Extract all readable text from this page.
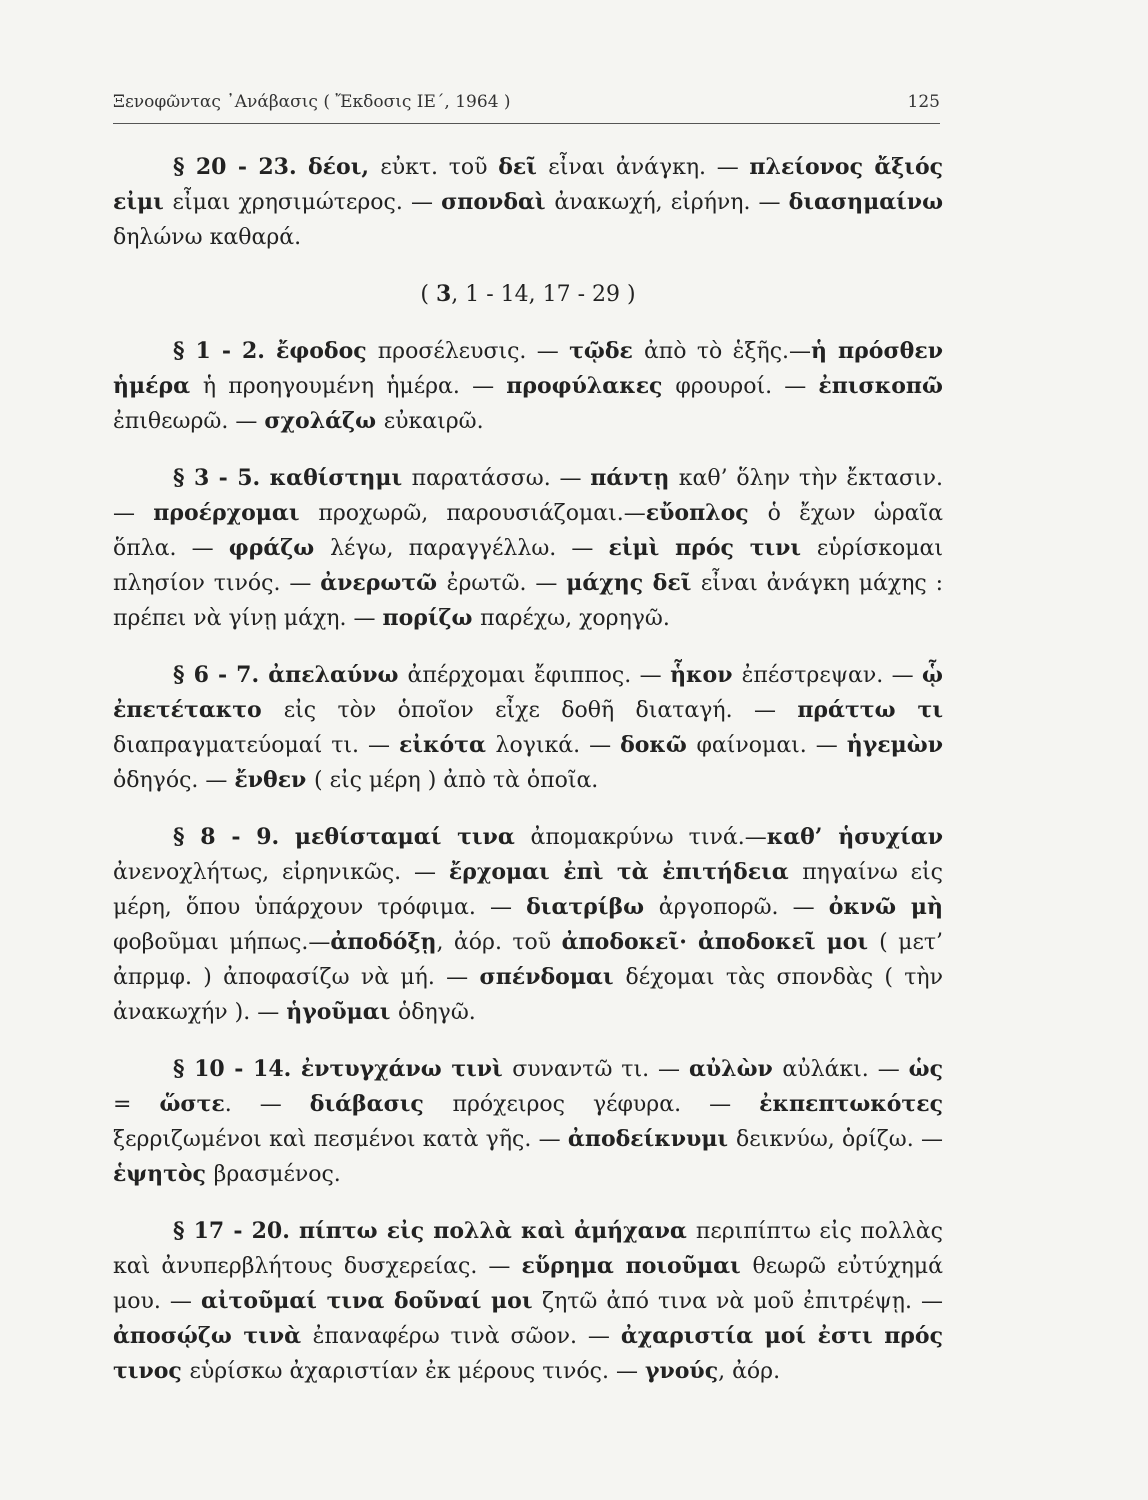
Ξενοφῶντας ᾿Ανάβασις ( Ἔκδοσις ΙΕ΄, 1964 )	125

§ 20 - 23. δέοι, εὐκτ. τοῦ δεῖ εἶναι ἀνάγκη. — πλείονος ἄξιός εἰμι εἶμαι χρησιμώτερος. — σπονδαὶ ἀνακωχή, εἰρήνη. — διασημαίνω δηλώνω καθαρά.

( 3, 1 - 14, 17 - 29 )

§ 1 - 2. ἔφοδος προσέλευσις. — τῷδε ἀπὸ τὸ ἑξῆς.—ἡ πρόσθεν ἡμέρα ἡ προηγουμένη ἡμέρα. — προφύλακες φρουροί. — ἐπισκοπῶ ἐπιθεωρῶ. — σχολάζω εὐκαιρῶ.

§ 3 - 5. καθίστημι παρατάσσω. — πάντῃ καθ’ ὅλην τὴν ἔκτασιν.— προέρχομαι προχωρῶ, παρουσιάζομαι.—εὔοπλος ὁ ἔχων ὡραῖα ὅπλα. — φράζω λέγω, παραγγέλλω. — εἰμὶ πρός τινι εὑρίσκομαι πλησίον τινός. — ἀνερωτῶ ἐρωτῶ. — μάχης δεῖ εἶναι ἀνάγκη μάχης : πρέπει νὰ γίνῃ μάχη. — πορίζω παρέχω, χορηγῶ.

§ 6 - 7. ἀπελαύνω ἀπέρχομαι ἔφιππος. — ἧκον ἐπέστρεψαν. — ᾧ ἐπετέτακτο εἰς τὸν ὁποῖον εἶχε δοθῆ διαταγή. — πράττω τι διαπραγματεύομαί τι. — εἰκότα λογικά. — δοκῶ φαίνομαι. — ἡγεμὼν ὁδηγός. — ἔνθεν ( εἰς μέρη ) ἀπὸ τὰ ὁποῖα.

§ 8 - 9. μεθίσταμαί τινα ἀπομακρύνω τινά.—καθ’ ἡσυχίαν ἀνενοχλήτως, εἰρηνικῶς. — ἔρχομαι ἐπὶ τὰ ἐπιτήδεια πηγαίνω εἰς μέρη, ὅπου ὑπάρχουν τρόφιμα. — διατρίβω ἀργοπορῶ. — ὀκνῶ μὴ φοβοῦμαι μήπως.—ἀποδόξῃ, ἀόρ. τοῦ ἀποδοκεῖ· ἀποδοκεῖ μοι ( μετ’ ἀπρμφ. ) ἀποφασίζω νὰ μή. — σπένδομαι δέχομαι τὰς σπονδὰς ( τὴν ἀνακωχήν ). — ἡγοῦμαι ὁδηγῶ.

§ 10 - 14. ἐντυγχάνω τινὶ συναντῶ τι. — αὐλὼν αὐλάκι. — ὡς = ὥστε. — διάβασις πρόχειρος γέφυρα. — ἐκπεπτωκότες ξερριζωμένοι καὶ πεσμένοι κατὰ γῆς. — ἀποδείκνυμι δεικνύω, ὁρίζω. — ἑψητὸς βρασμένος.

§ 17 - 20. πίπτω εἰς πολλὰ καὶ ἀμήχανα περιπίπτω εἰς πολλὰς καὶ ἀνυπερβλήτους δυσχερείας. — εὕρημα ποιοῦμαι θεωρῶ εὐτύχημά μου. — αἰτοῦμαί τινα δοῦναί μοι ζητῶ ἀπό τινα νὰ μοῦ ἐπιτρέψῃ. — ἀποσῴζω τινὰ ἐπαναφέρω τινὰ σῶον. — ἀχαριστία μοί ἐστι πρός τινος εὑρίσκω ἀχαριστίαν ἐκ μέρους τινός. — γνούς, ἀόρ.
